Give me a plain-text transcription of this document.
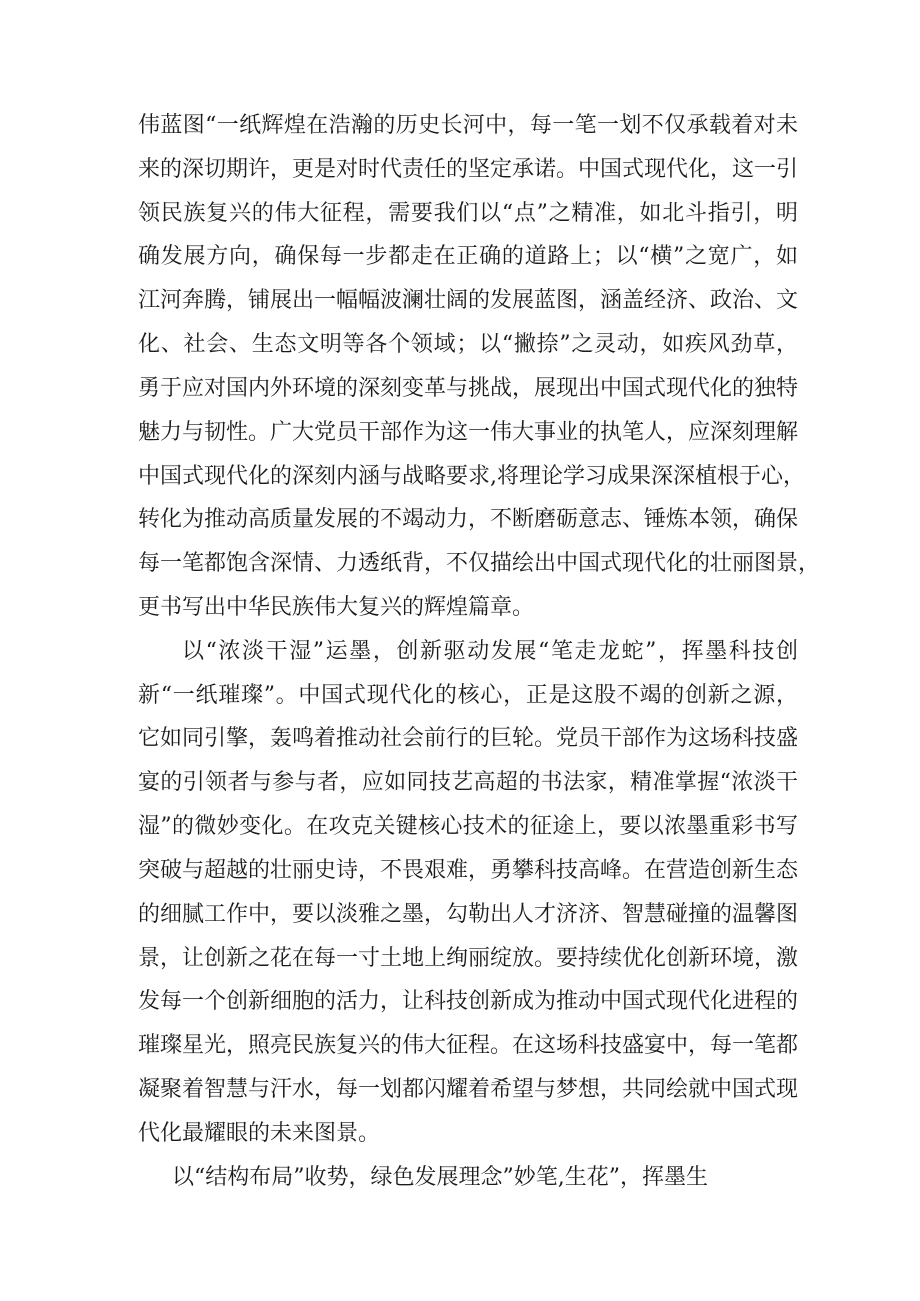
伟蓝图“一纸辉煌在浩瀚的历史长河中，每一笔一划不仅承载着对未
来的深切期许，更是对时代责任的坚定承诺。中国式现代化，这一引
领民族复兴的伟大征程，需要我们以“点”之精准，如北斗指引，明
确发展方向，确保每一步都走在正确的道路上；以“横”之宽广，如
江河奔腾，铺展出一幅幅波澜壮阔的发展蓝图，涵盖经济、政治、文
化、社会、生态文明等各个领域；以“撇捺”之灵动，如疾风劲草，
勇于应对国内外环境的深刻变革与挑战，展现出中国式现代化的独特
魅力与韧性。广大党员干部作为这一伟大事业的执笔人，应深刻理解
中国式现代化的深刻内涵与战略要求,将理论学习成果深深植根于心，
转化为推动高质量发展的不竭动力，不断磨砺意志、锤炼本领，确保
每一笔都饱含深情、力透纸背，不仅描绘出中国式现代化的壮丽图景，
更书写出中华民族伟大复兴的辉煌篇章。
以“浓淡干湿”运墨，创新驱动发展“笔走龙蛇”，挥墨科技创
新“一纸璀璨”。中国式现代化的核心，正是这股不竭的创新之源，
它如同引擎，轰鸣着推动社会前行的巨轮。党员干部作为这场科技盛
宴的引领者与参与者，应如同技艺高超的书法家，精准掌握“浓淡干
湿”的微妙变化。在攻克关键核心技术的征途上，要以浓墨重彩书写
突破与超越的壮丽史诗，不畏艰难，勇攀科技高峰。在营造创新生态
的细腻工作中，要以淡雅之墨，勾勒出人才济济、智慧碰撞的温馨图
景，让创新之花在每一寸土地上绚丽绽放。要持续优化创新环境，激
发每一个创新细胞的活力，让科技创新成为推动中国式现代化进程的
璀璨星光，照亮民族复兴的伟大征程。在这场科技盛宴中，每一笔都
凝聚着智慧与汗水，每一划都闪耀着希望与梦想，共同绘就中国式现
代化最耀眼的未来图景。
以“结构布局”收势，绿色发展理念”妙笔,生花”，挥墨生
